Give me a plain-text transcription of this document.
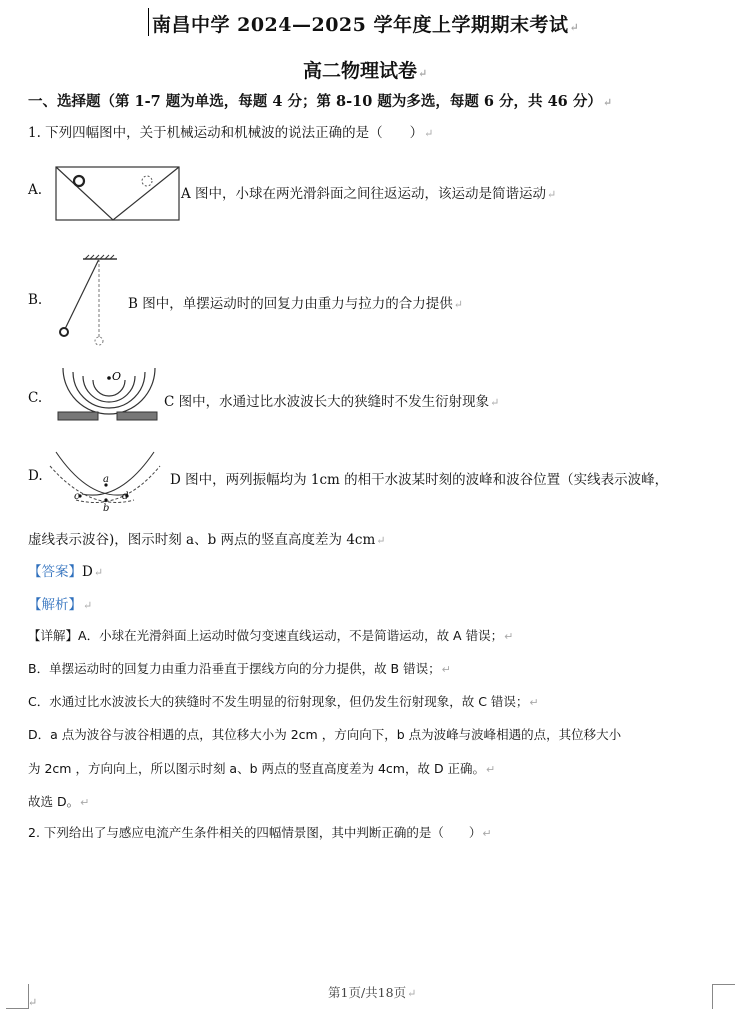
南昌中学 2024—2025 学年度上学期期末考试↵
高二物理试卷↵
一、选择题（第 1-7 题为单选，每题 4 分；第 8-10 题为多选，每题 6 分，共 46 分）↵
1. 下列四幅图中，关于机械运动和机械波的说法正确的是（　　）↵
A.	A 图中，小球在两光滑斜面之间往返运动，该运动是简谐运动↵
B.	B 图中，单摆运动时的回复力由重力与拉力的合力提供↵
C.
O
C 图中，水通过比水波波长大的狭缝时不发生衍射现象↵
D.	a
c	d
b
D 图中，两列振幅均为 1cm 的相干水波某时刻的波峰和波谷位置（实线表示波峰，
虚线表示波谷)，图示时刻 a、b 两点的竖直高度差为 4cm↵
【答案】D↵
【解析】↵
【详解】A．小球在光滑斜面上运动时做匀变速直线运动，不是简谐运动，故 A 错误；↵
B．单摆运动时的回复力由重力沿垂直于摆线方向的分力提供，故 B 错误；↵
C．水通过比水波波长大的狭缝时不发生明显的衍射现象，但仍发生衍射现象，故 C 错误；↵
D．a 点为波谷与波谷相遇的点，其位移大小为 2cm ，方向向下，b 点为波峰与波峰相遇的点，其位移大小
为 2cm ，方向向上，所以图示时刻 a、b 两点的竖直高度差为 4cm，故 D 正确。↵
故选 D。↵
2. 下列给出了与感应电流产生条件相关的四幅情景图，其中判断正确的是（　　）↵
第1页/共18页↵
↵
